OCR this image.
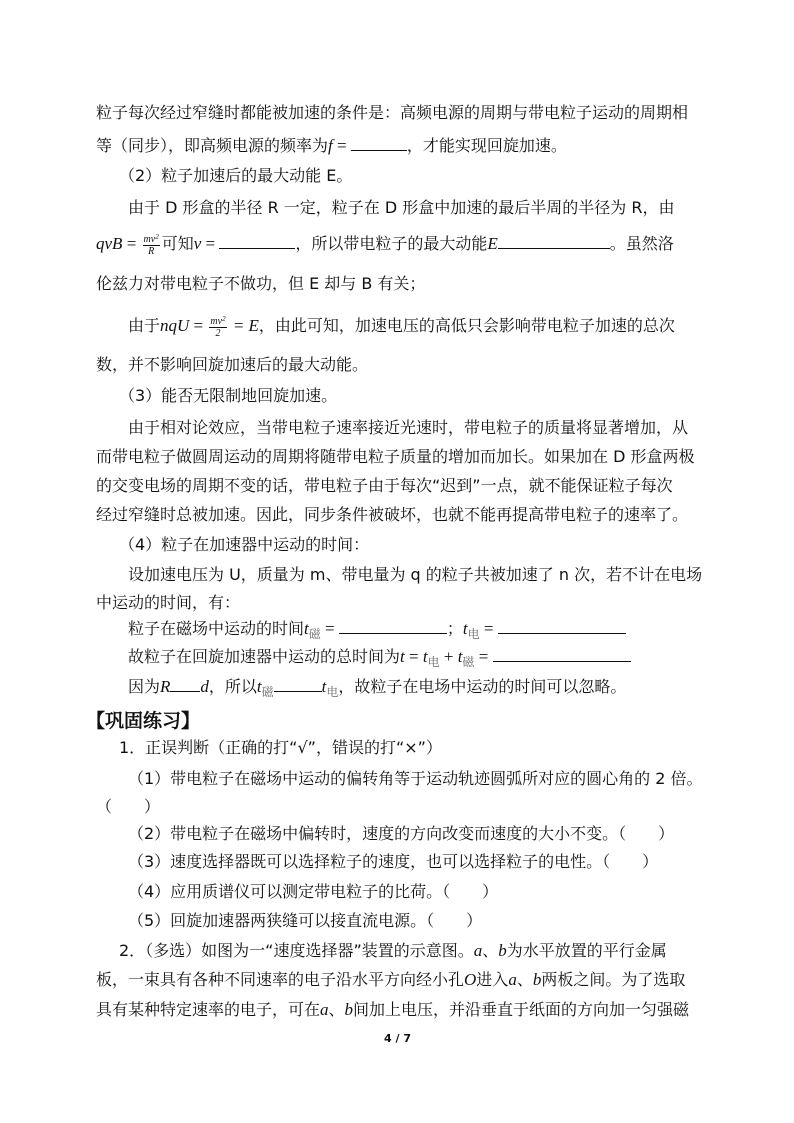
粒子每次经过窄缝时都能被加速的条件是：高频电源的周期与带电粒子运动的周期相
等（同步），即高频电源的频率为f =	，才能实现回旋加速。
（2）粒子加速后的最大动能 E。
由于 D 形盒的半径 R 一定，粒子在 D 形盒中加速的最后半周的半径为 R，由
qvB = $\frac{mv^2}{R}$ 可知v =	，所以带电粒子的最大动能E	。虽然洛
伦兹力对带电粒子不做功，但 E 却与 B 有关；
由于nqU = $\frac{mv^2}{2} = E$，由此可知，加速电压的高低只会影响带电粒子加速的总次
数，并不影响回旋加速后的最大动能。
（3）能否无限制地回旋加速。
由于相对论效应，当带电粒子速率接近光速时，带电粒子的质量将显著增加，从
而带电粒子做圆周运动的周期将随带电粒子质量的增加而加长。如果加在 D 形盒两极
的交变电场的周期不变的话，带电粒子由于每次“迟到”一点，就不能保证粒子每次
经过窄缝时总被加速。因此，同步条件被破坏，也就不能再提高带电粒子的速率了。
（4）粒子在加速器中运动的时间：
设加速电压为 U，质量为 m、带电量为 q 的粒子共被加速了 n 次，若不计在电场
中运动的时间，有：
粒子在磁场中运动的时间$t_磁$ =	；$t_电$ =
故粒子在回旋加速器中运动的总时间为$t = t_电 + t_磁$ =
因为R d，所以$t_磁$	$t_电$，故粒子在电场中运动的时间可以忽略。
【巩固练习】
1．正误判断（正确的打“√”，错误的打“×”）
（1）带电粒子在磁场中运动的偏转角等于运动轨迹圆弧所对应的圆心角的 2 倍。
（　　）
（2）带电粒子在磁场中偏转时，速度的方向改变而速度的大小不变。（　　）
（3）速度选择器既可以选择粒子的速度，也可以选择粒子的电性。（　　）
（4）应用质谱仪可以测定带电粒子的比荷。（　　）
（5）回旋加速器两狭缝可以接直流电源。（　　）
2．（多选）如图为一“速度选择器”装置的示意图。a、b为水平放置的平行金属
板，一束具有各种不同速率的电子沿水平方向经小孔O进入a、b两板之间。为了选取
具有某种特定速率的电子，可在a、b间加上电压，并沿垂直于纸面的方向加一匀强磁
4 / 7
